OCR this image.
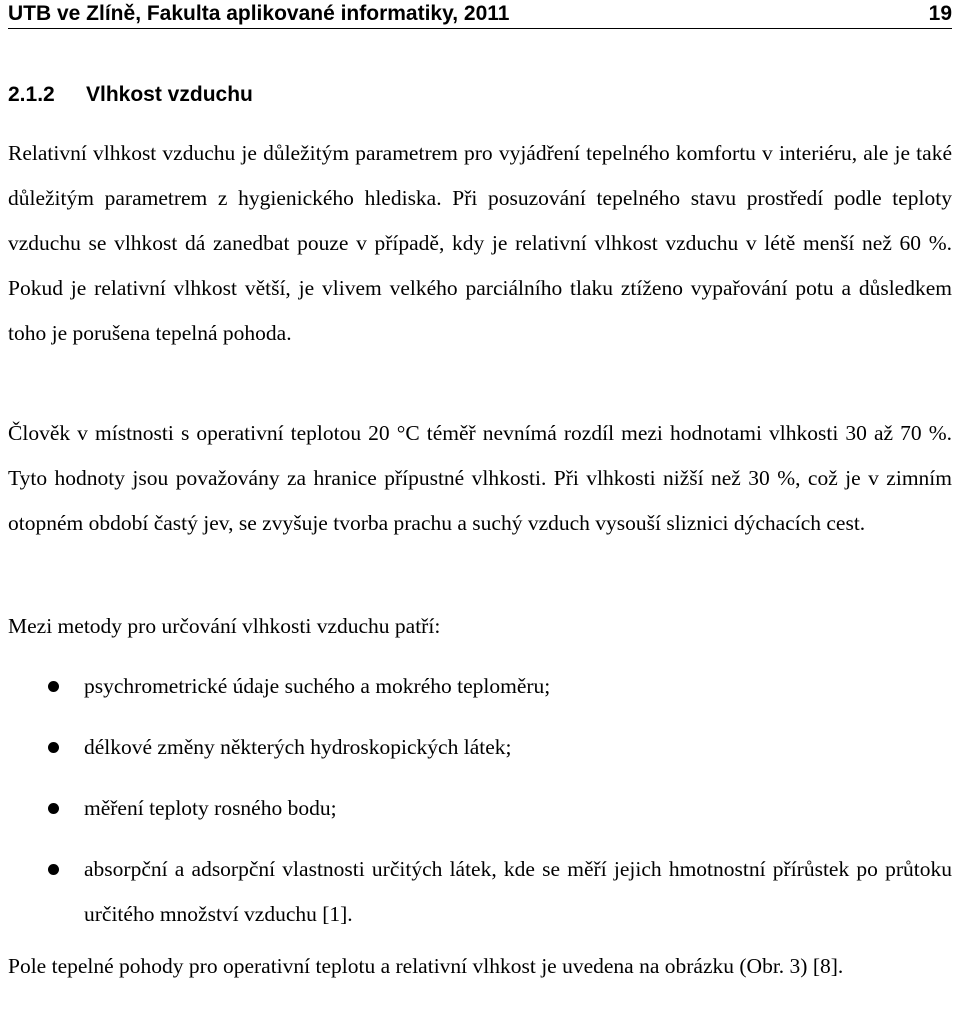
UTB ve Zlíně, Fakulta aplikované informatiky, 2011	19
2.1.2 Vlhkost vzduchu

Relativní vlhkost vzduchu je důležitým parametrem pro vyjádření tepelného komfortu v interiéru, ale je také důležitým parametrem z hygienického hlediska. Při posuzování tepelného stavu prostředí podle teploty vzduchu se vlhkost dá zanedbat pouze v případě, kdy je relativní vlhkost vzduchu v létě menší než 60 %. Pokud je relativní vlhkost větší, je vlivem velkého parciálního tlaku ztíženo vypařování potu a důsledkem toho je porušena tepelná pohoda.

Člověk v místnosti s operativní teplotou 20 °C téměř nevnímá rozdíl mezi hodnotami vlhkosti 30 až 70 %. Tyto hodnoty jsou považovány za hranice přípustné vlhkosti. Při vlhkosti nižší než 30 %, což je v zimním otopném období častý jev, se zvyšuje tvorba prachu a suchý vzduch vysouší sliznici dýchacích cest.

Mezi metody pro určování vlhkosti vzduchu patří:

psychrometrické údaje suchého a mokrého teploměru;
délkové změny některých hydroskopických látek;
měření teploty rosného bodu;
absorpční a adsorpční vlastnosti určitých látek, kde se měří jejich hmotnostní přírůstek po průtoku určitého množství vzduchu [1].

Pole tepelné pohody pro operativní teplotu a relativní vlhkost je uvedena na obrázku (Obr. 3) [8].
